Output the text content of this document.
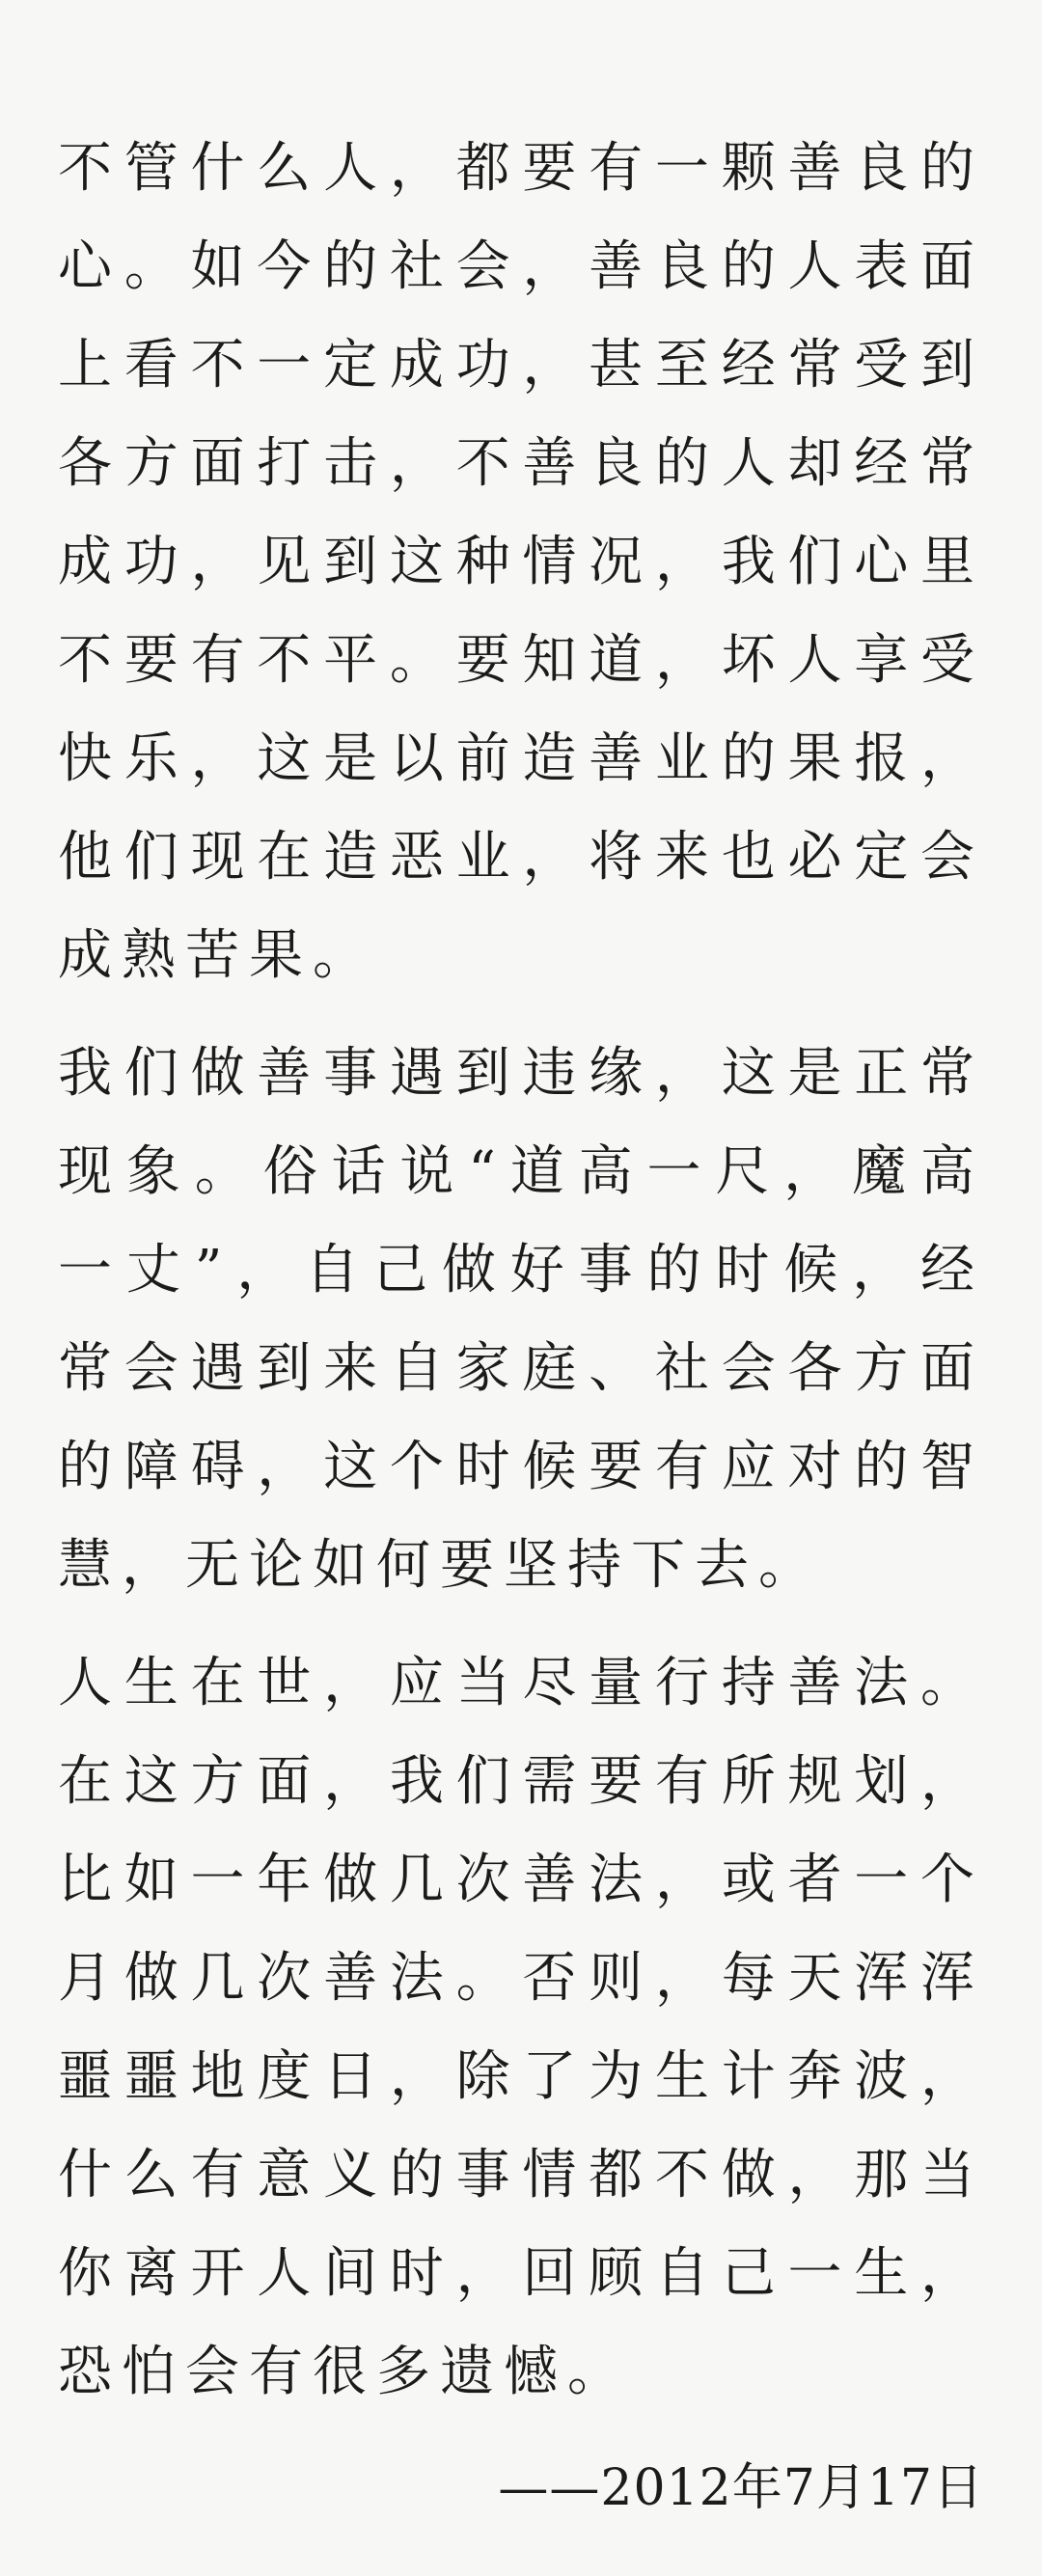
不管什么人，都要有一颗善良的心。如今的社会，善良的人表面上看不一定成功，甚至经常受到各方面打击，不善良的人却经常成功，见到这种情况，我们心里不要有不平。要知道，坏人享受快乐，这是以前造善业的果报，他们现在造恶业，将来也必定会成熟苦果。

我们做善事遇到违缘，这是正常现象。俗话说“道高一尺，魔高一丈”，自己做好事的时候，经常会遇到来自家庭、社会各方面的障碍，这个时候要有应对的智慧，无论如何要坚持下去。

人生在世，应当尽量行持善法。在这方面，我们需要有所规划，比如一年做几次善法，或者一个月做几次善法。否则，每天浑浑噩噩地度日，除了为生计奔波，什么有意义的事情都不做，那当你离开人间时，回顾自己一生，恐怕会有很多遗憾。

——2012年7月17日
